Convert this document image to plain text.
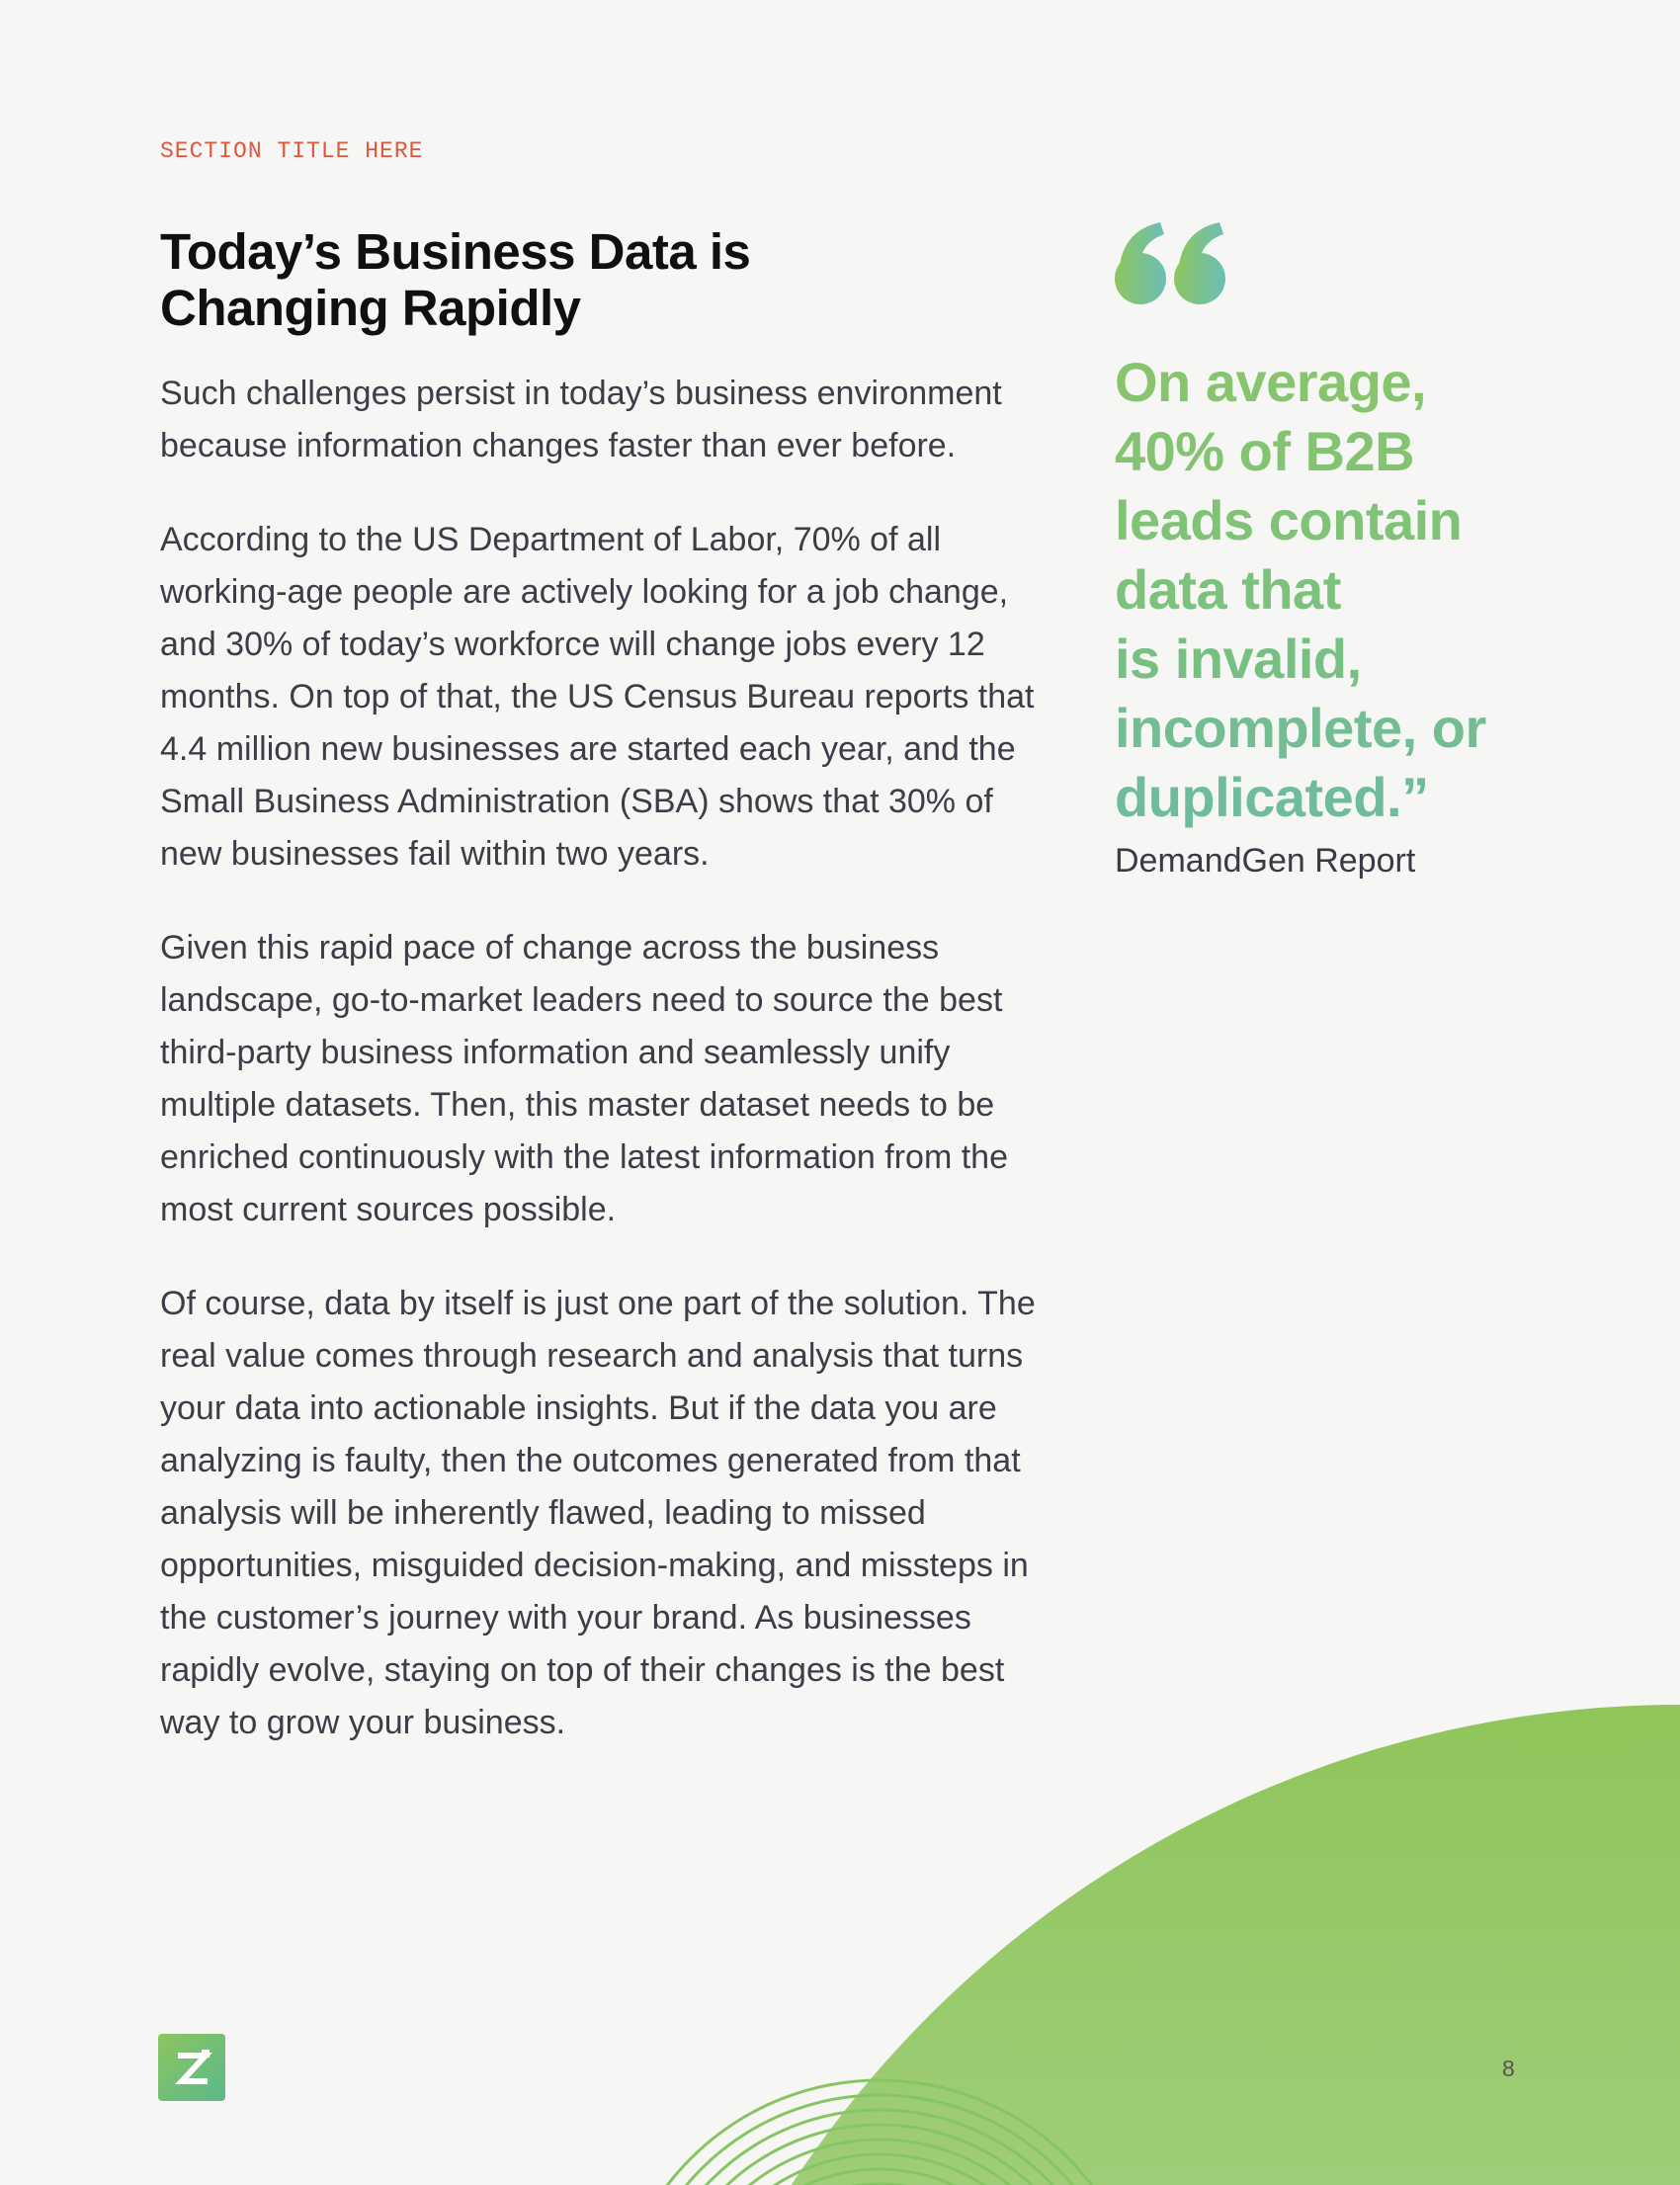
SECTION TITLE HERE
Today’s Business Data is
Changing Rapidly

Such challenges persist in today’s business environment because information changes faster than ever before.

According to the US Department of Labor, 70% of all working-age people are actively looking for a job change, and 30% of today’s workforce will change jobs every 12 months. On top of that, the US Census Bureau reports that 4.4 million new businesses are started each year, and the Small Business Administration (SBA) shows that 30% of new businesses fail within two years.

Given this rapid pace of change across the business landscape, go-to-market leaders need to source the best third-party business information and seamlessly unify multiple datasets. Then, this master dataset needs to be enriched continuously with the latest information from the most current sources possible.

Of course, data by itself is just one part of the solution. The real value comes through research and analysis that turns your data into actionable insights. But if the data you are analyzing is faulty, then the outcomes generated from that analysis will be inherently flawed, leading to missed opportunities, misguided decision-making, and missteps in the customer’s journey with your brand. As businesses rapidly evolve, staying on top of their changes is the best way to grow your business.

On average,
40% of B2B
leads contain
data that
is invalid,
incomplete, or
duplicated.”

DemandGen Report
8
